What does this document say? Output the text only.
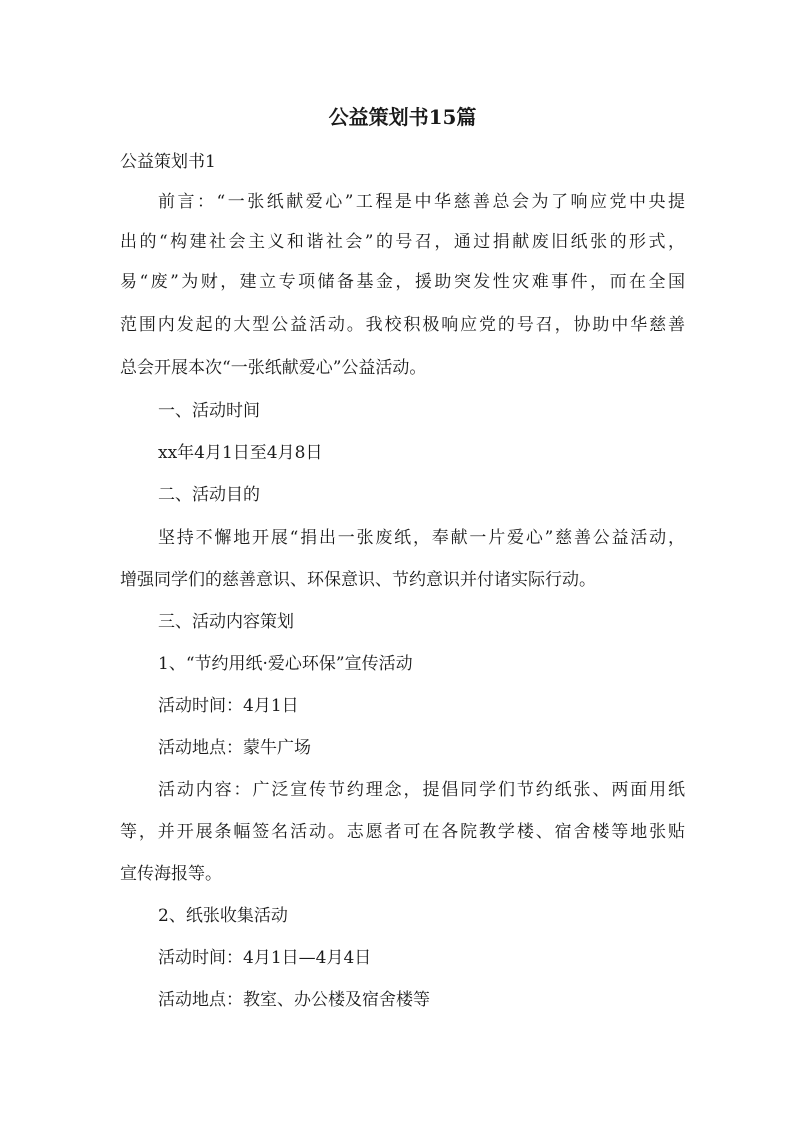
公益策划书15篇
公益策划书1
前言：“一张纸献爱心”工程是中华慈善总会为了响应党中央提
出的“构建社会主义和谐社会”的号召，通过捐献废旧纸张的形式，
易“废”为财，建立专项储备基金，援助突发性灾难事件，而在全国
范围内发起的大型公益活动。我校积极响应党的号召，协助中华慈善
总会开展本次“一张纸献爱心”公益活动。
一、活动时间
xx年4月1日至4月8日
二、活动目的
坚持不懈地开展“捐出一张废纸，奉献一片爱心”慈善公益活动，
增强同学们的慈善意识、环保意识、节约意识并付诸实际行动。
三、活动内容策划
1、“节约用纸·爱心环保”宣传活动
活动时间：4月1日
活动地点：蒙牛广场
活动内容：广泛宣传节约理念，提倡同学们节约纸张、两面用纸
等，并开展条幅签名活动。志愿者可在各院教学楼、宿舍楼等地张贴
宣传海报等。
2、纸张收集活动
活动时间：4月1日—4月4日
活动地点：教室、办公楼及宿舍楼等
